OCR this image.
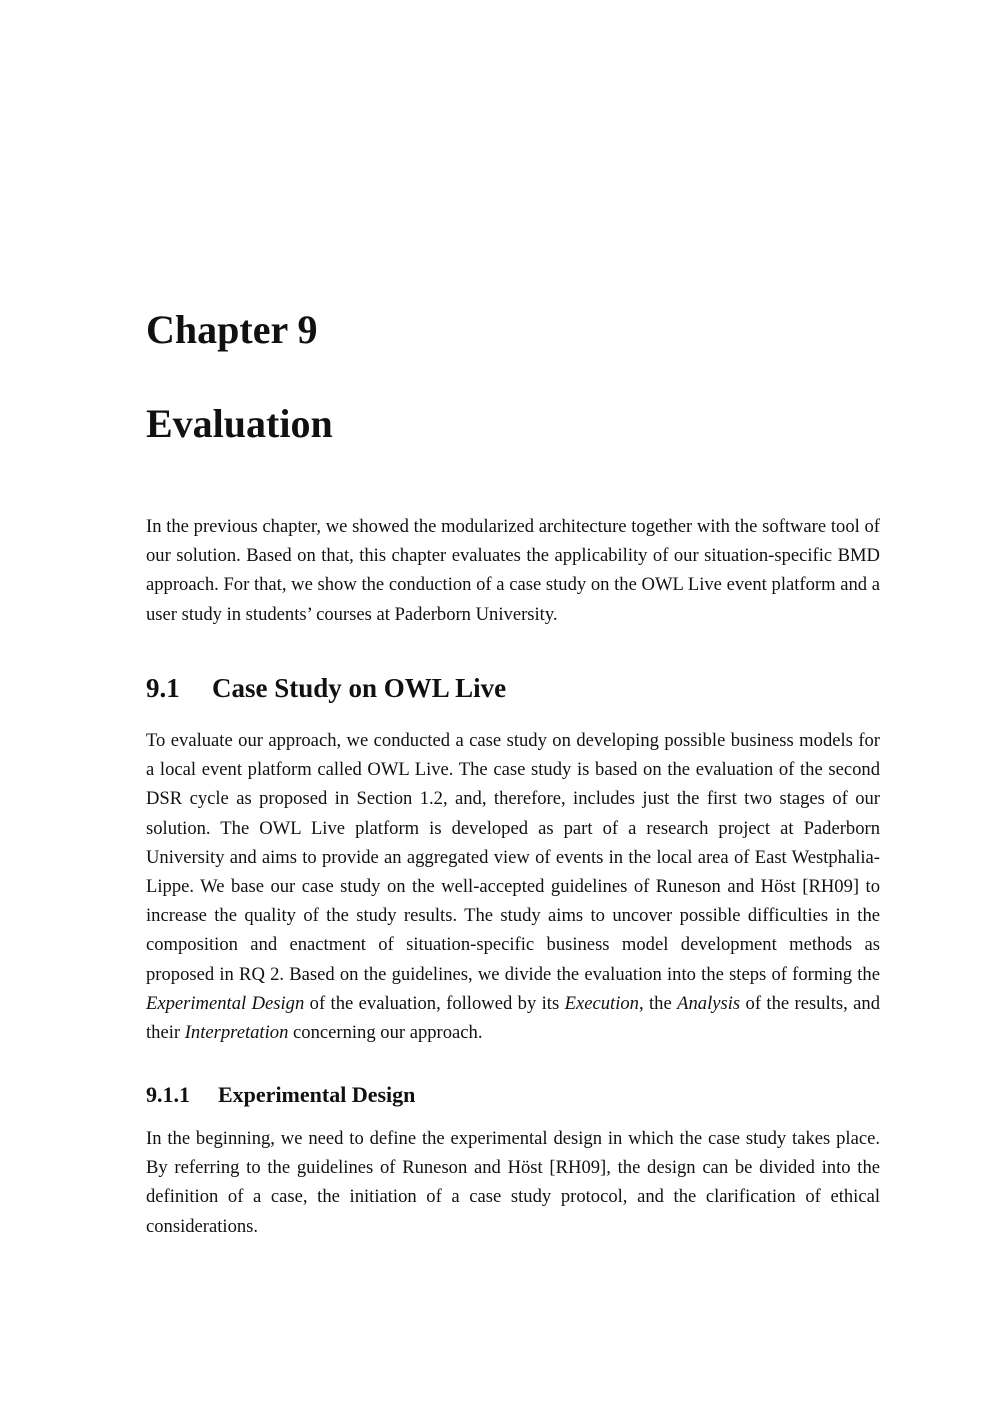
Chapter 9
Evaluation

In the previous chapter, we showed the modularized architecture together with the software tool of our solution. Based on that, this chapter evaluates the applicability of our situation-specific BMD approach. For that, we show the conduction of a case study on the OWL Live event platform and a user study in students’ courses at Paderborn University.

9.1 Case Study on OWL Live

To evaluate our approach, we conducted a case study on developing possible business models for a local event platform called OWL Live. The case study is based on the evaluation of the second DSR cycle as proposed in Section 1.2, and, therefore, includes just the first two stages of our solution. The OWL Live platform is developed as part of a research project at Paderborn University and aims to provide an aggregated view of events in the local area of East Westphalia-Lippe. We base our case study on the well-accepted guidelines of Runeson and Höst [RH09] to increase the quality of the study results. The study aims to uncover possible difficulties in the composition and enactment of situation-specific business model development methods as proposed in RQ 2. Based on the guidelines, we divide the evaluation into the steps of forming the Experimental Design of the evaluation, followed by its Execution, the Analysis of the results, and their Interpretation concerning our approach.

9.1.1 Experimental Design

In the beginning, we need to define the experimental design in which the case study takes place. By referring to the guidelines of Runeson and Höst [RH09], the design can be divided into the definition of a case, the initiation of a case study protocol, and the clarification of ethical considerations.
